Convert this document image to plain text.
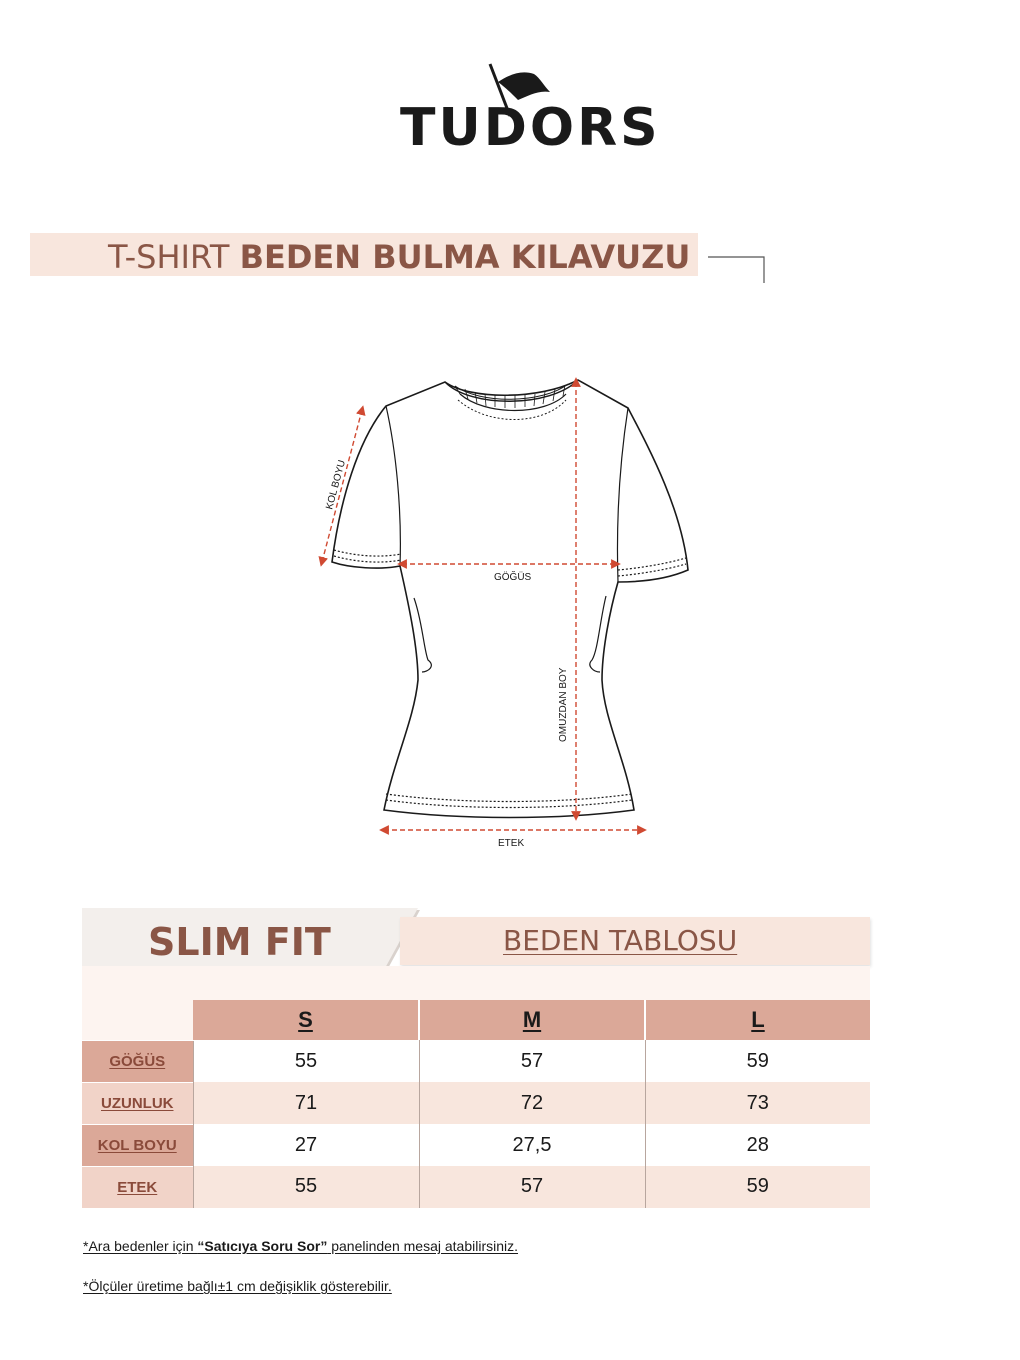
TUDORS
T-SHIRT BEDEN BULMA KILAVUZU
KOL BOYU
GÖĞÜS
OMUZDAN BOY
ETEK
SLIM FIT	BEDEN TABLOSU
	S	M	L
GÖĞÜS	55	57	59
UZUNLUK	71	72	73
KOL BOYU	27	27,5	28
ETEK	55	57	59
*Ara bedenler için “Satıcıya Soru Sor” panelinden mesaj atabilirsiniz.
*Ölçüler üretime bağlı±1 cm değişiklik gösterebilir.
